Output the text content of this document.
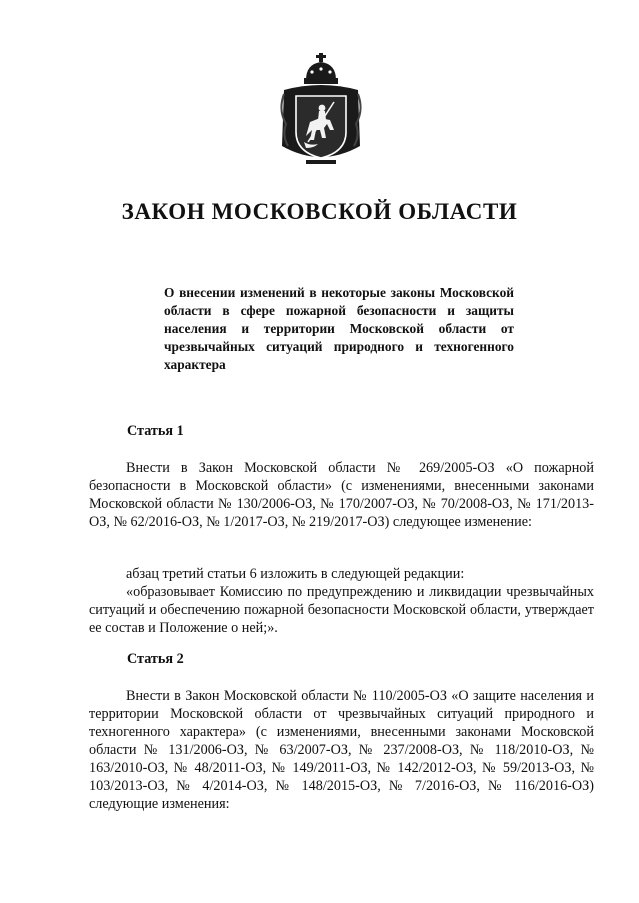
ЗАКОН МОСКОВСКОЙ ОБЛАСТИ

О внесении изменений в некоторые законы Московской области в сфере пожарной безопасности и защиты населения и территории Московской области от чрезвычайных ситуаций природного и техногенного характера

Статья 1

Внести в Закон Московской области № 269/2005-ОЗ «О пожарной безопасности в Московской области» (с изменениями, внесенными законами Московской области № 130/2006-ОЗ, № 170/2007-ОЗ, № 70/2008-ОЗ, № 171/2013-ОЗ, № 62/2016-ОЗ, № 1/2017-ОЗ, № 219/2017-ОЗ) следующее изменение:

абзац третий статьи 6 изложить в следующей редакции:

«образовывает Комиссию по предупреждению и ликвидации чрезвычайных ситуаций и обеспечению пожарной безопасности Московской области, утверждает ее состав и Положение о ней;».

Статья 2

Внести в Закон Московской области № 110/2005-ОЗ «О защите населения и территории Московской области от чрезвычайных ситуаций природного и техногенного характера» (с изменениями, внесенными законами Московской области № 131/2006-ОЗ, № 63/2007-ОЗ, № 237/2008-ОЗ, № 118/2010-ОЗ, № 163/2010-ОЗ, № 48/2011-ОЗ, № 149/2011-ОЗ, № 142/2012-ОЗ, № 59/2013-ОЗ, № 103/2013-ОЗ, № 4/2014-ОЗ, № 148/2015-ОЗ, № 7/2016-ОЗ, № 116/2016-ОЗ) следующие изменения:
